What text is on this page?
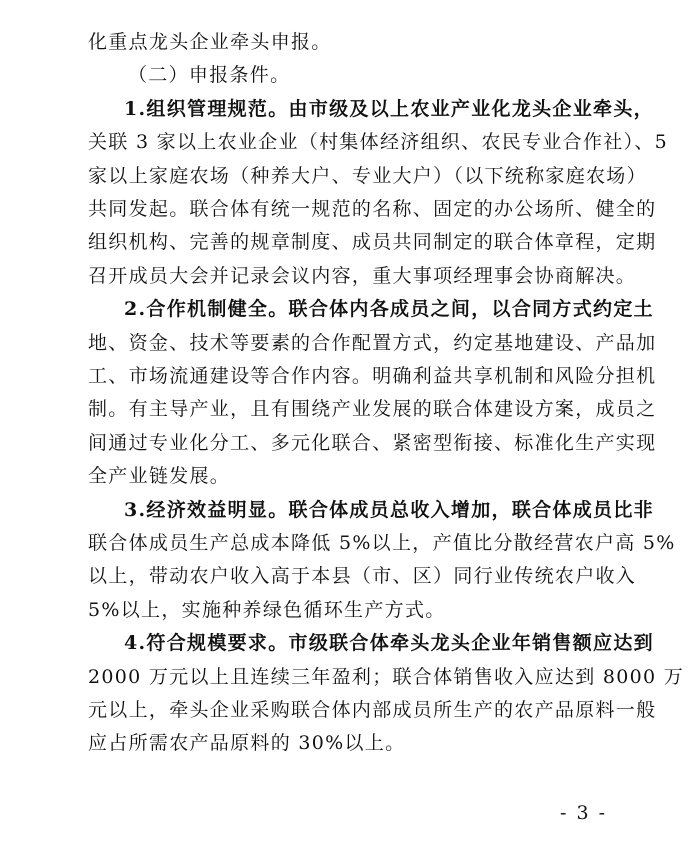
化重点龙头企业牵头申报。
（二）申报条件。
1.组织管理规范。由市级及以上农业产业化龙头企业牵头，
关联 3 家以上农业企业（村集体经济组织、农民专业合作社）、5
家以上家庭农场（种养大户、专业大户）（以下统称家庭农场）
共同发起。联合体有统一规范的名称、固定的办公场所、健全的
组织机构、完善的规章制度、成员共同制定的联合体章程，定期
召开成员大会并记录会议内容，重大事项经理事会协商解决。
2.合作机制健全。联合体内各成员之间，以合同方式约定土
地、资金、技术等要素的合作配置方式，约定基地建设、产品加
工、市场流通建设等合作内容。明确利益共享机制和风险分担机
制。有主导产业，且有围绕产业发展的联合体建设方案，成员之
间通过专业化分工、多元化联合、紧密型衔接、标准化生产实现
全产业链发展。
3.经济效益明显。联合体成员总收入增加，联合体成员比非
联合体成员生产总成本降低 5%以上，产值比分散经营农户高 5%
以上，带动农户收入高于本县（市、区）同行业传统农户收入
5%以上，实施种养绿色循环生产方式。
4.符合规模要求。市级联合体牵头龙头企业年销售额应达到
2000 万元以上且连续三年盈利；联合体销售收入应达到 8000 万
元以上，牵头企业采购联合体内部成员所生产的农产品原料一般
应占所需农产品原料的 30%以上。
- 3 -
